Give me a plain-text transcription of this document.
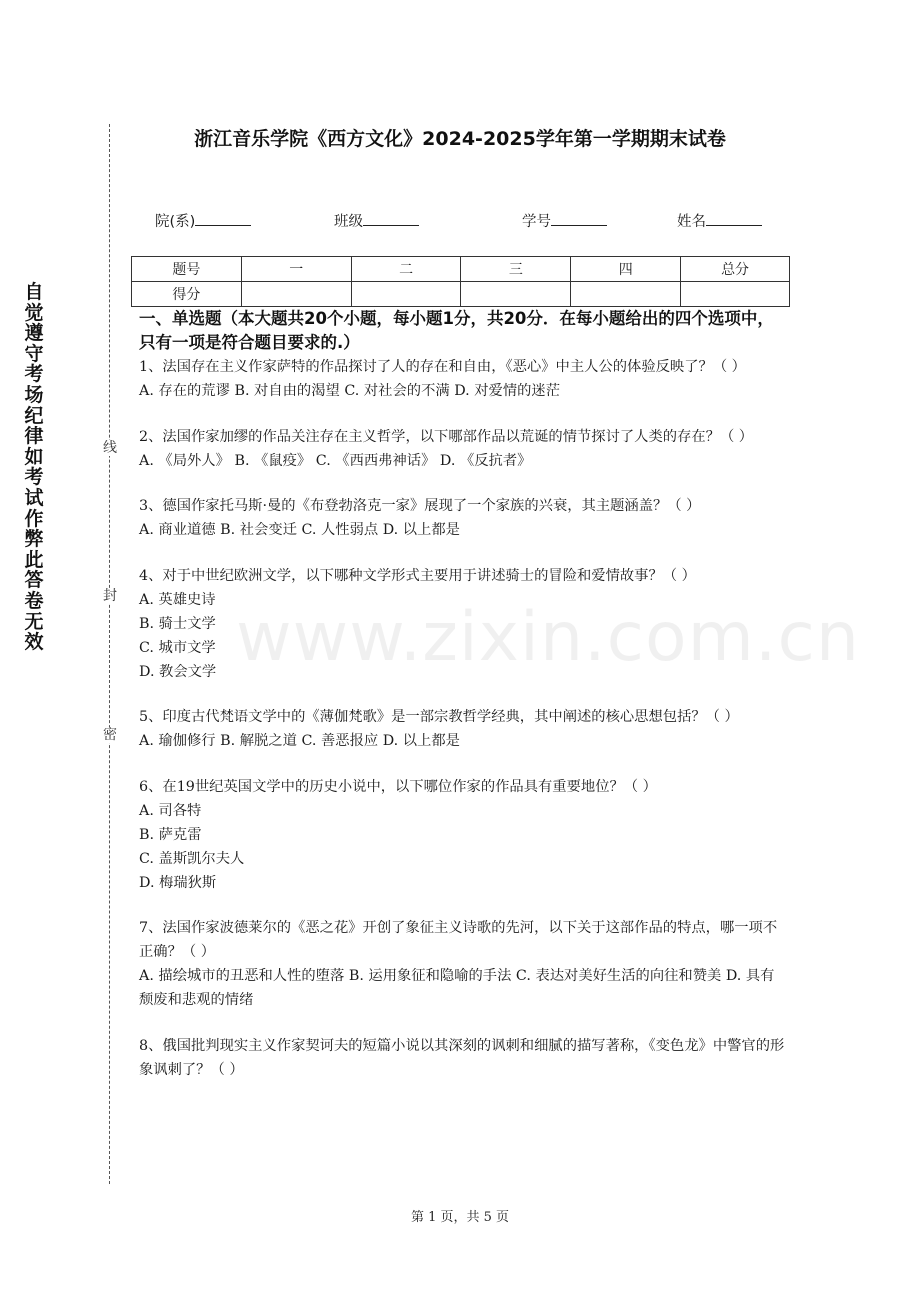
自觉遵守考场纪律如考试作弊此答卷无效
线
封
密
浙江音乐学院《西方文化》2024-2025学年第一学期期末试卷
院(系)	班级	学号	姓名
题号	一	二	三	四	总分
得分					
一、单选题（本大题共20个小题，每小题1分，共20分．在每小题给出的四个选项中，只有一项是符合题目要求的.）
www.zixin.com.cn
1、法国存在主义作家萨特的作品探讨了人的存在和自由，《恶心》中主人公的体验反映了？（ ）
A. 存在的荒谬 B. 对自由的渴望 C. 对社会的不满 D. 对爱情的迷茫
2、法国作家加缪的作品关注存在主义哲学，以下哪部作品以荒诞的情节探讨了人类的存在？（ ）
A. 《局外人》 B. 《鼠疫》 C. 《西西弗神话》 D. 《反抗者》
3、德国作家托马斯·曼的《布登勃洛克一家》展现了一个家族的兴衰，其主题涵盖？（ ）
A. 商业道德 B. 社会变迁 C. 人性弱点 D. 以上都是
4、对于中世纪欧洲文学，以下哪种文学形式主要用于讲述骑士的冒险和爱情故事？（ ）
A. 英雄史诗
B. 骑士文学
C. 城市文学
D. 教会文学
5、印度古代梵语文学中的《薄伽梵歌》是一部宗教哲学经典，其中阐述的核心思想包括？（ ）
A. 瑜伽修行 B. 解脱之道 C. 善恶报应 D. 以上都是
6、在19世纪英国文学中的历史小说中，以下哪位作家的作品具有重要地位？（ ）
A. 司各特
B. 萨克雷
C. 盖斯凯尔夫人
D. 梅瑞狄斯
7、法国作家波德莱尔的《恶之花》开创了象征主义诗歌的先河，以下关于这部作品的特点，哪一项不正确？（ ）
A. 描绘城市的丑恶和人性的堕落 B. 运用象征和隐喻的手法 C. 表达对美好生活的向往和赞美 D. 具有颓废和悲观的情绪
8、俄国批判现实主义作家契诃夫的短篇小说以其深刻的讽刺和细腻的描写著称，《变色龙》中警官的形象讽刺了？（ ）
第 1 页，共 5 页
